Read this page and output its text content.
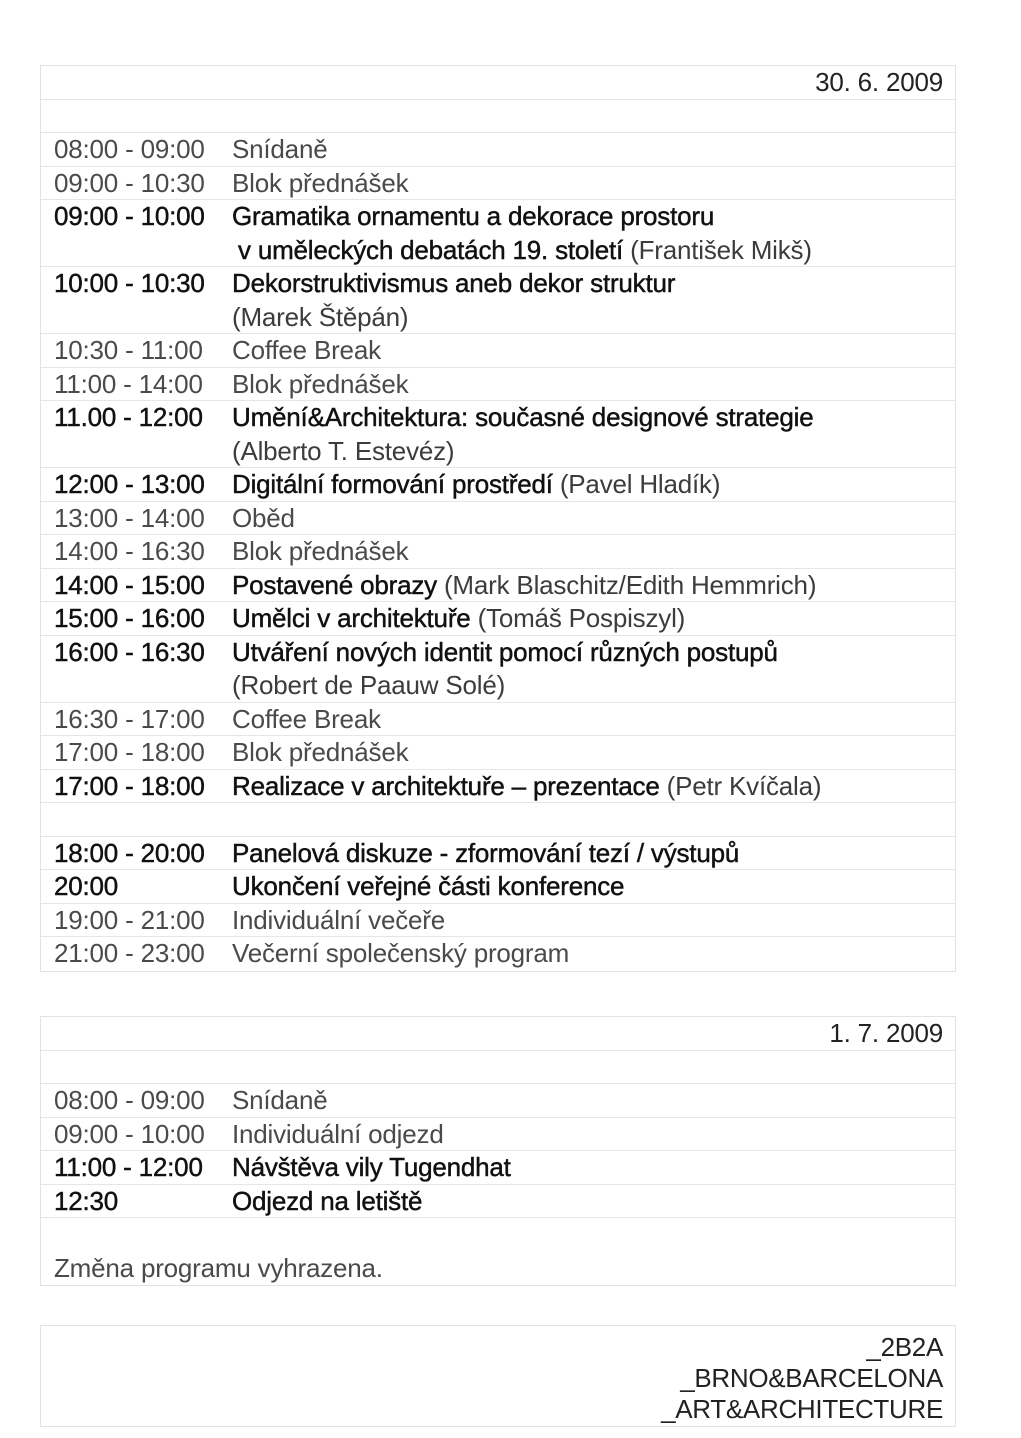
30. 6. 2009
08:00 - 09:00 Snídaně
09:00 - 10:30 Blok přednášek
09:00 - 10:00 Gramatika ornamentu a dekorace prostoru
v uměleckých debatách 19. století (František Mikš)
10:00 - 10:30 Dekorstruktivismus aneb dekor struktur
(Marek Štěpán)
10:30 - 11:00 Coffee Break
11:00 - 14:00 Blok přednášek
11.00 - 12:00 Umění&Architektura: současné designové strategie
(Alberto T. Estevéz)
12:00 - 13:00 Digitální formování prostředí (Pavel Hladík)
13:00 - 14:00 Oběd
14:00 - 16:30 Blok přednášek
14:00 - 15:00 Postavené obrazy (Mark Blaschitz/Edith Hemmrich)
15:00 - 16:00 Umělci v architektuře (Tomáš Pospiszyl)
16:00 - 16:30 Utváření nových identit pomocí různých postupů
(Robert de Paauw Solé)
16:30 - 17:00 Coffee Break
17:00 - 18:00 Blok přednášek
17:00 - 18:00 Realizace v architektuře – prezentace (Petr Kvíčala)
18:00 - 20:00 Panelová diskuze - zformování tezí / výstupů
20:00	Ukončení veřejné části konference
19:00 - 21:00 Individuální večeře
21:00 - 23:00 Večerní společenský program
1. 7. 2009
08:00 - 09:00 Snídaně
09:00 - 10:00 Individuální odjezd
11:00 - 12:00 Návštěva vily Tugendhat
12:30	Odjezd na letiště
Změna programu vyhrazena.
_2B2A
_BRNO&BARCELONA
_ART&ARCHITECTURE
